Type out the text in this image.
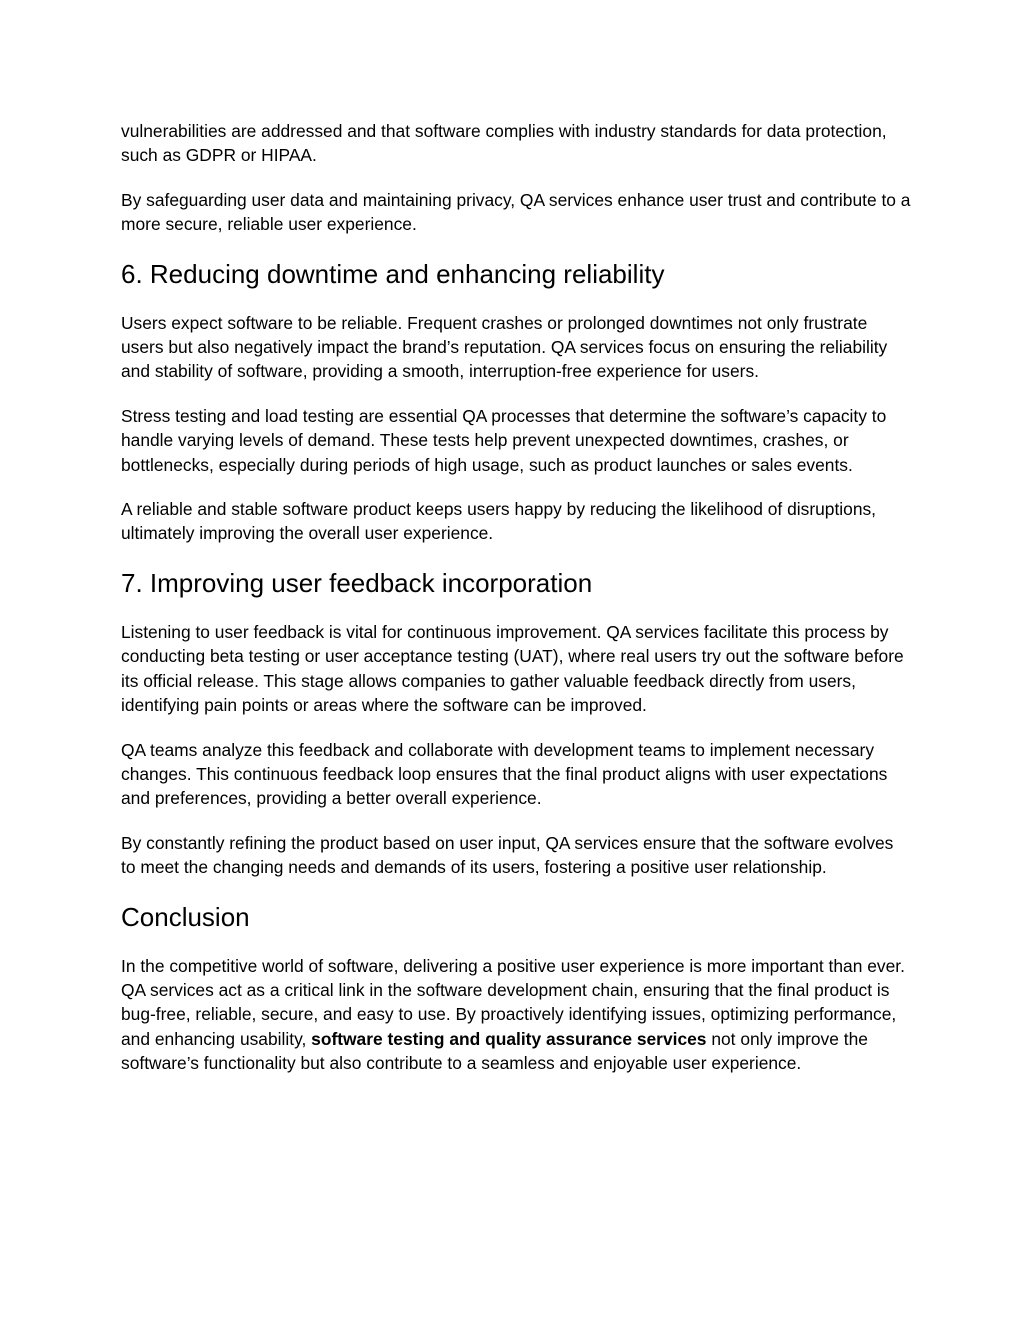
vulnerabilities are addressed and that software complies with industry standards for data protection, such as GDPR or HIPAA.

By safeguarding user data and maintaining privacy, QA services enhance user trust and contribute to a more secure, reliable user experience.

6. Reducing downtime and enhancing reliability

Users expect software to be reliable. Frequent crashes or prolonged downtimes not only frustrate users but also negatively impact the brand’s reputation. QA services focus on ensuring the reliability and stability of software, providing a smooth, interruption-free experience for users.

Stress testing and load testing are essential QA processes that determine the software’s capacity to handle varying levels of demand. These tests help prevent unexpected downtimes, crashes, or bottlenecks, especially during periods of high usage, such as product launches or sales events.

A reliable and stable software product keeps users happy by reducing the likelihood of disruptions, ultimately improving the overall user experience.

7. Improving user feedback incorporation

Listening to user feedback is vital for continuous improvement. QA services facilitate this process by conducting beta testing or user acceptance testing (UAT), where real users try out the software before its official release. This stage allows companies to gather valuable feedback directly from users, identifying pain points or areas where the software can be improved.

QA teams analyze this feedback and collaborate with development teams to implement necessary changes. This continuous feedback loop ensures that the final product aligns with user expectations and preferences, providing a better overall experience.

By constantly refining the product based on user input, QA services ensure that the software evolves to meet the changing needs and demands of its users, fostering a positive user relationship.

Conclusion

In the competitive world of software, delivering a positive user experience is more important than ever. QA services act as a critical link in the software development chain, ensuring that the final product is bug-free, reliable, secure, and easy to use. By proactively identifying issues, optimizing performance, and enhancing usability, software testing and quality assurance services not only improve the software’s functionality but also contribute to a seamless and enjoyable user experience.
